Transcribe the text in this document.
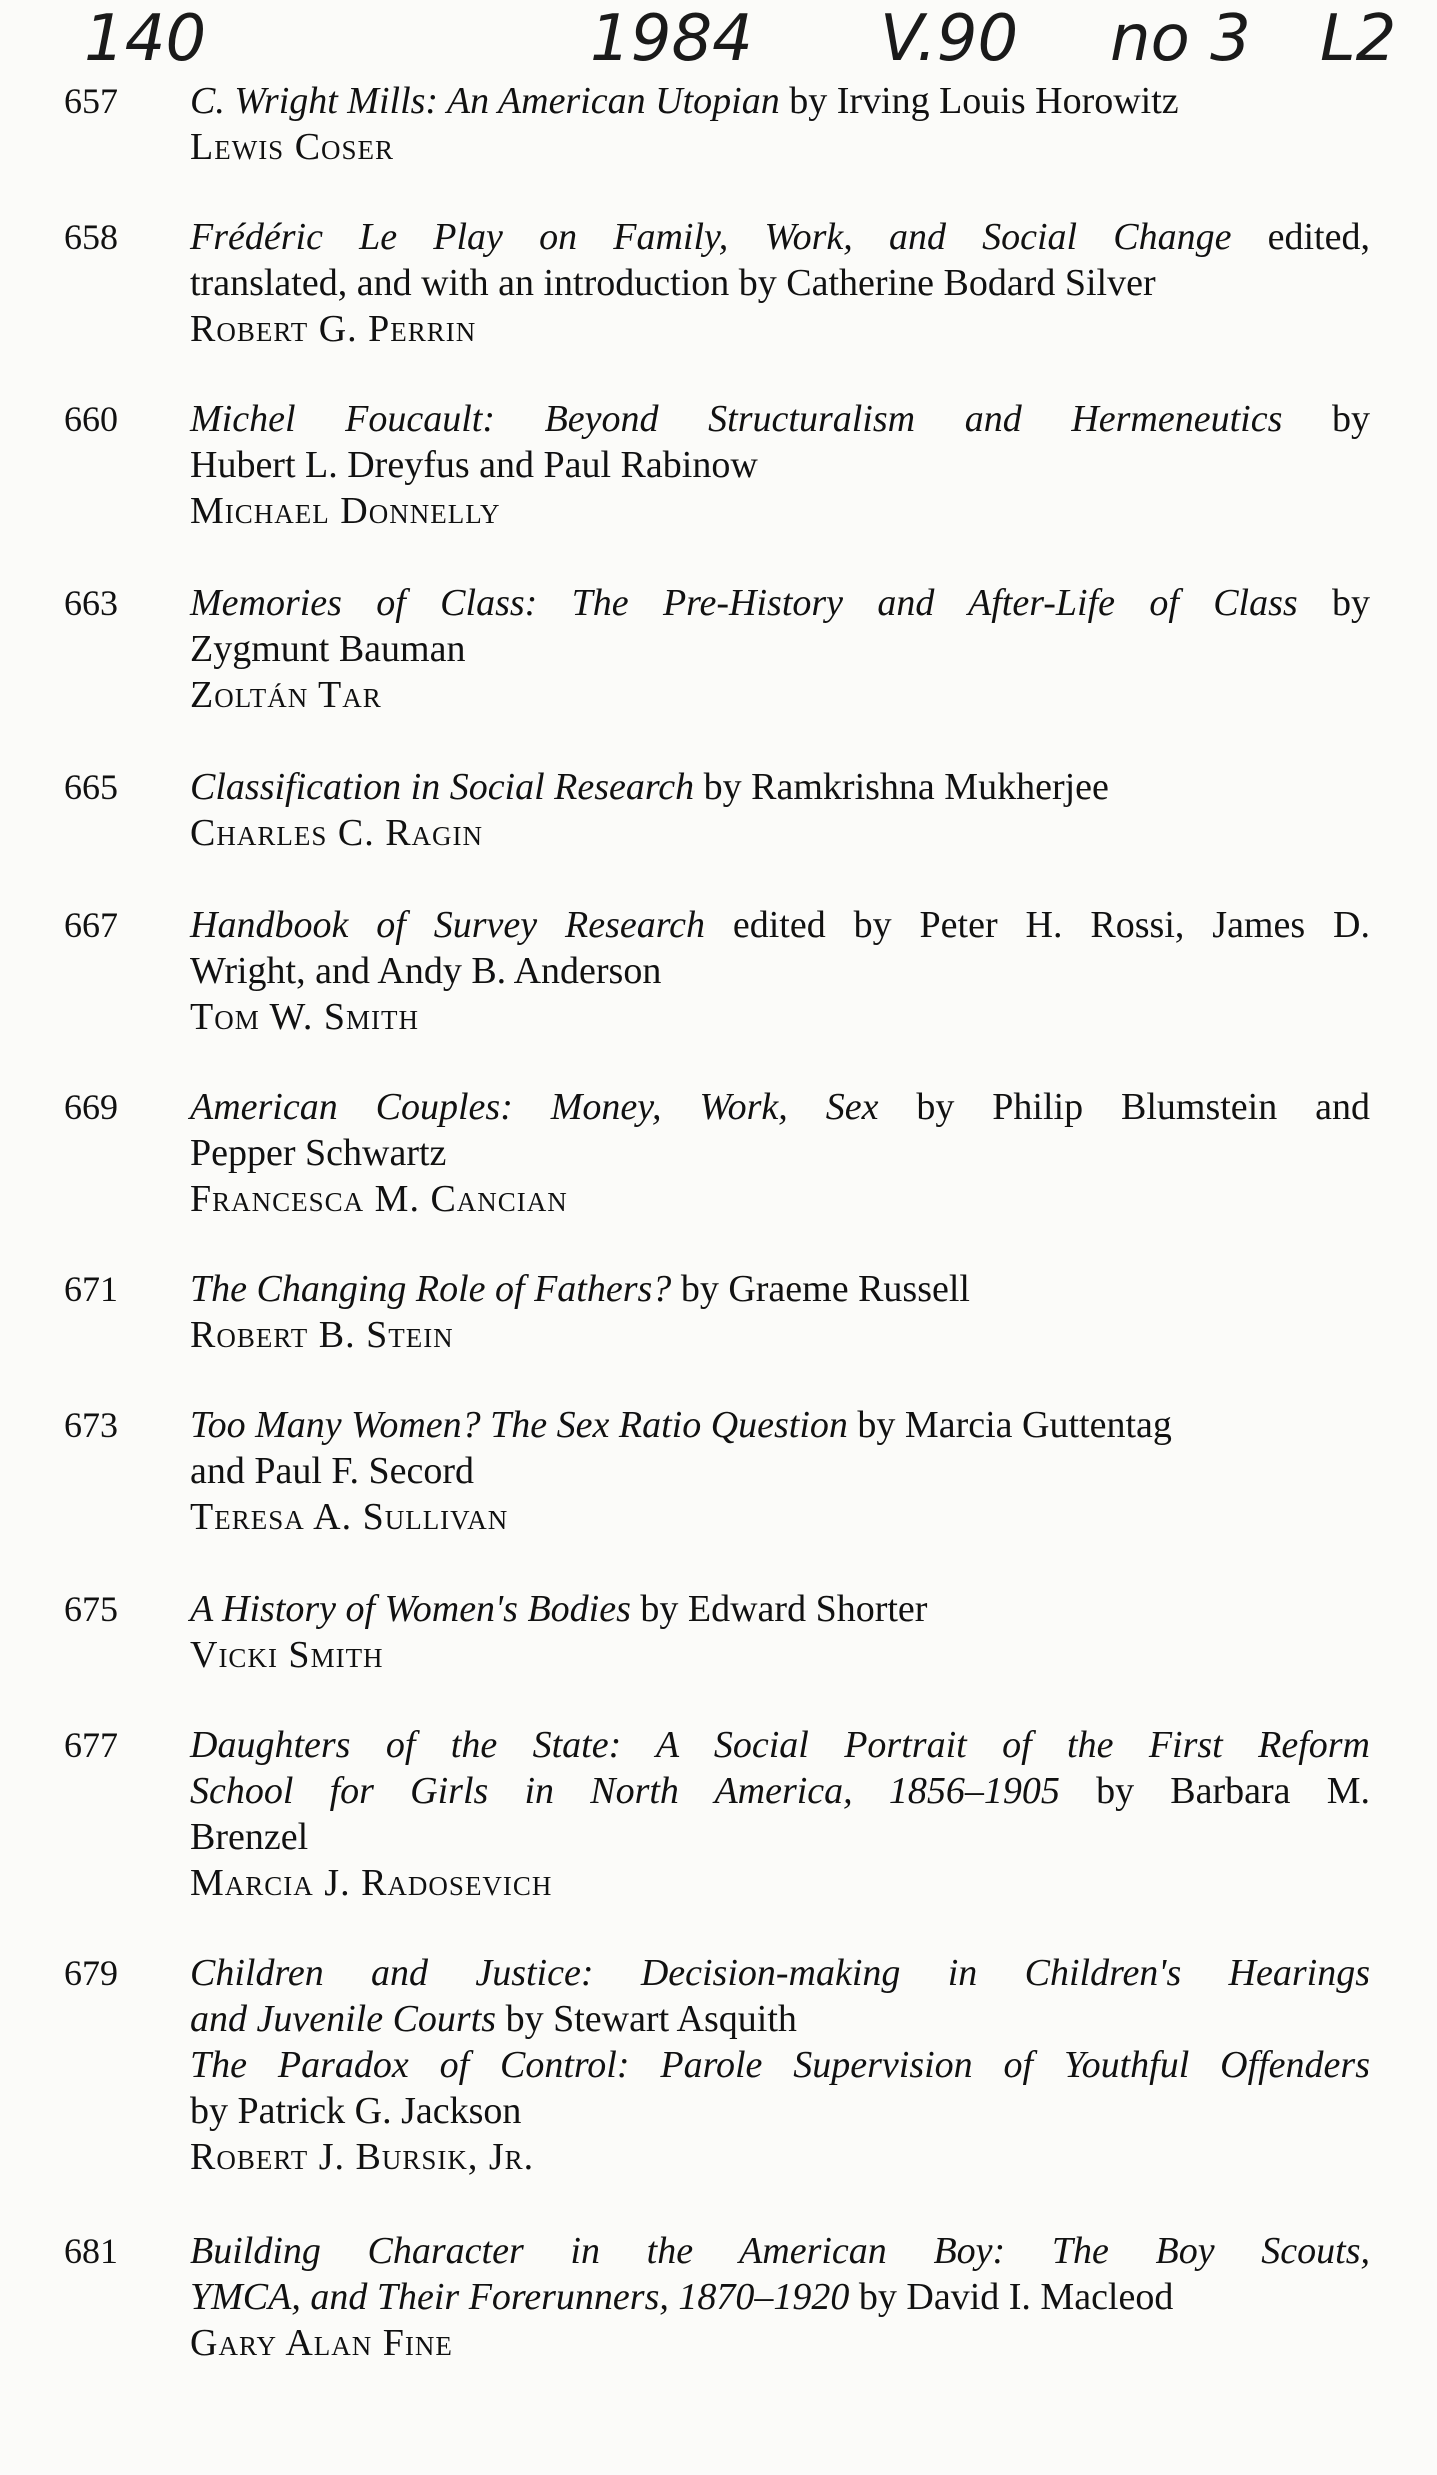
140	1984 V.90 no 3 L2
657 C. Wright Mills: An American Utopian by Irving Louis Horowitz
Lewis Coser
658 Frédéric Le Play on Family, Work, and Social Change edited,
translated, and with an introduction by Catherine Bodard Silver
Robert G. Perrin
660 Michel Foucault: Beyond Structuralism and Hermeneutics by
Hubert L. Dreyfus and Paul Rabinow
Michael Donnelly
663 Memories of Class: The Pre-History and After-Life of Class by
Zygmunt Bauman
Zoltán Tar
665 Classification in Social Research by Ramkrishna Mukherjee
Charles C. Ragin
667 Handbook of Survey Research edited by Peter H. Rossi, James D.
Wright, and Andy B. Anderson
Tom W. Smith
669 American Couples: Money, Work, Sex by Philip Blumstein and
Pepper Schwartz
Francesca M. Cancian
671 The Changing Role of Fathers? by Graeme Russell
Robert B. Stein
673 Too Many Women? The Sex Ratio Question by Marcia Guttentag
and Paul F. Secord
Teresa A. Sullivan
675 A History of Women's Bodies by Edward Shorter
Vicki Smith
677 Daughters of the State: A Social Portrait of the First Reform
School for Girls in North America, 1856–1905 by Barbara M.
Brenzel
Marcia J. Radosevich
679 Children and Justice: Decision-making in Children's Hearings
and Juvenile Courts by Stewart Asquith
The Paradox of Control: Parole Supervision of Youthful Offenders
by Patrick G. Jackson
Robert J. Bursik, Jr.
681 Building Character in the American Boy: The Boy Scouts,
YMCA, and Their Forerunners, 1870–1920 by David I. Macleod
Gary Alan Fine
